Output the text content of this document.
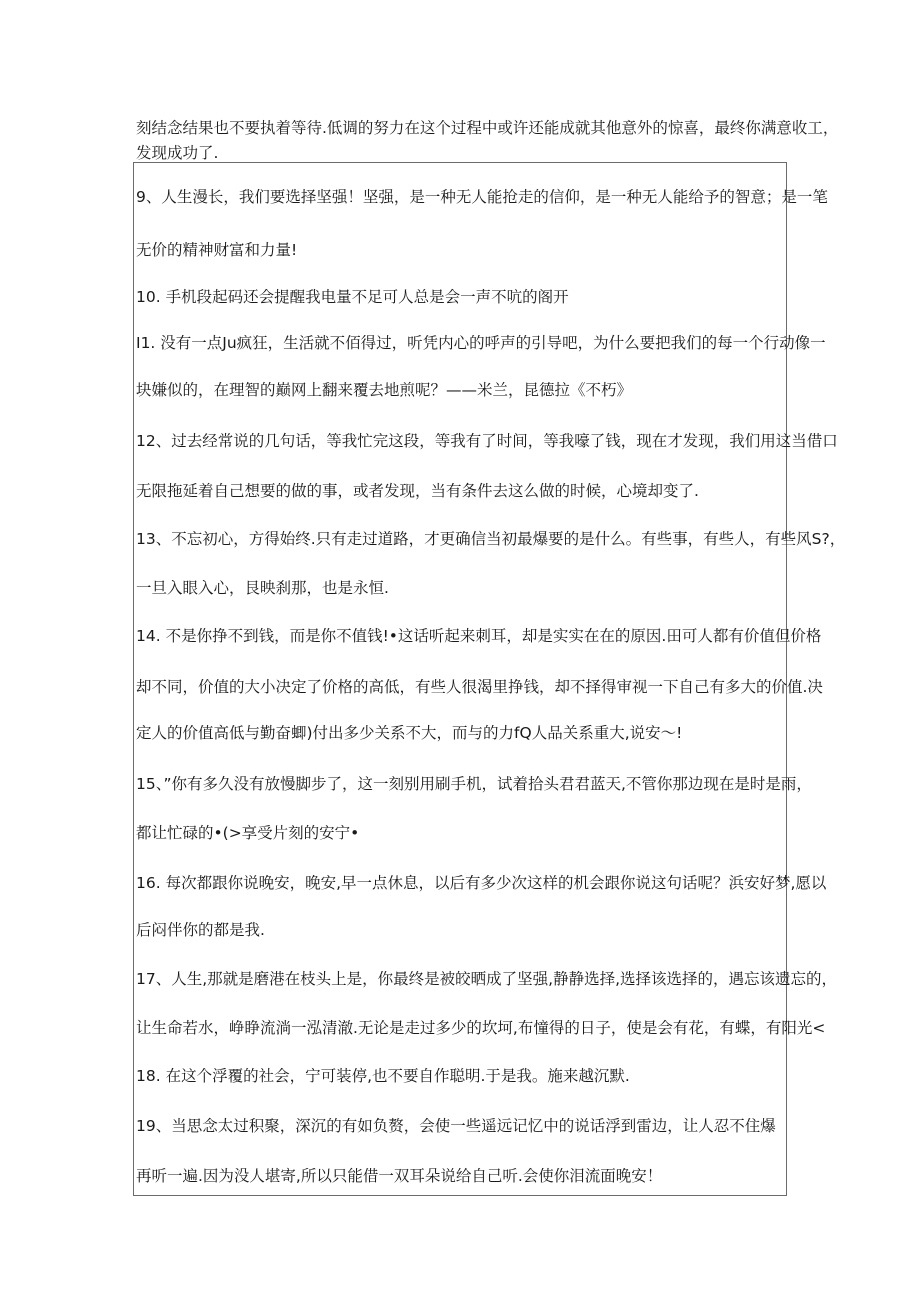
刻结念结果也不要执着等待.低调的努力在这个过程中或许还能成就其他意外的惊喜，最终你满意收工，
发现成功了.

9、人生漫长，我们要选择坚强！坚强，是一种无人能抢走的信仰，是一种无人能给予的智意；是一笔

无价的精神财富和力量!

10. 手机段起码还会提醒我电量不足可人总是会一声不吭的阁开

I1. 没有一点Ju疯狂，生活就不佰得过，听凭内心的呼声的引导吧，为什么要把我们的每一个行动像一

块嫌似的，在理智的巅网上翻来覆去地煎呢？——米兰，昆德拉《不朽》

12、过去经常说的几句话，等我忙完这段，等我有了时间，等我嚎了钱，现在才发现，我们用这当借口

无限拖延着自己想要的做的事，或者发现，当有条件去这么做的时候，心境却变了.

13、不忘初心，方得始终.只有走过道路，才更确信当初最爆要的是什么。有些事，有些人，有些风S?，

一旦入眼入心，艮映刹那，也是永恒.

14. 不是你挣不到钱，而是你不值钱!•这话听起来刺耳，却是实实在在的原因.田可人都有价值但价格

却不同，价值的大小决定了价格的高低，有些人很渴里挣钱，却不择得审视一下自己有多大的价值.决

定人的价值高低与勤奋蝍)付出多少关系不大，而与的力fQ人品关系重大,说安〜!

15、”你有多久没有放慢脚步了，这一刻别用刷手机，试着拾头君君蓝天,不管你那边现在是时是雨，

都让忙碌的•(>享受片刻的安宁•

16. 每次都跟你说晚安，晚安,早一点休息，以后有多少次这样的机会跟你说这句话呢？浜安好梦,愿以

后闷伴你的都是我.

17、人生,那就是磨港在枝头上是，你最终是被皎晒成了坚强,静静选择,选择该选择的，遇忘该遗忘的，

让生命若水，峥睁流淌一泓清澈.无论是走过多少的坎坷,布憧得的日子，使是会有花，有蝶，有阳光<

18. 在这个浮覆的社会，宁可装停,也不要自作聪明.于是我。施来越沉默.

19、当思念太过积聚，深沉的有如负赘，会使一些遥远记忆中的说话浮到雷边，让人忍不住爆

再听一遍.因为没人堪寄,所以只能借一双耳朵说给自己听.会使你泪流面晚安！
